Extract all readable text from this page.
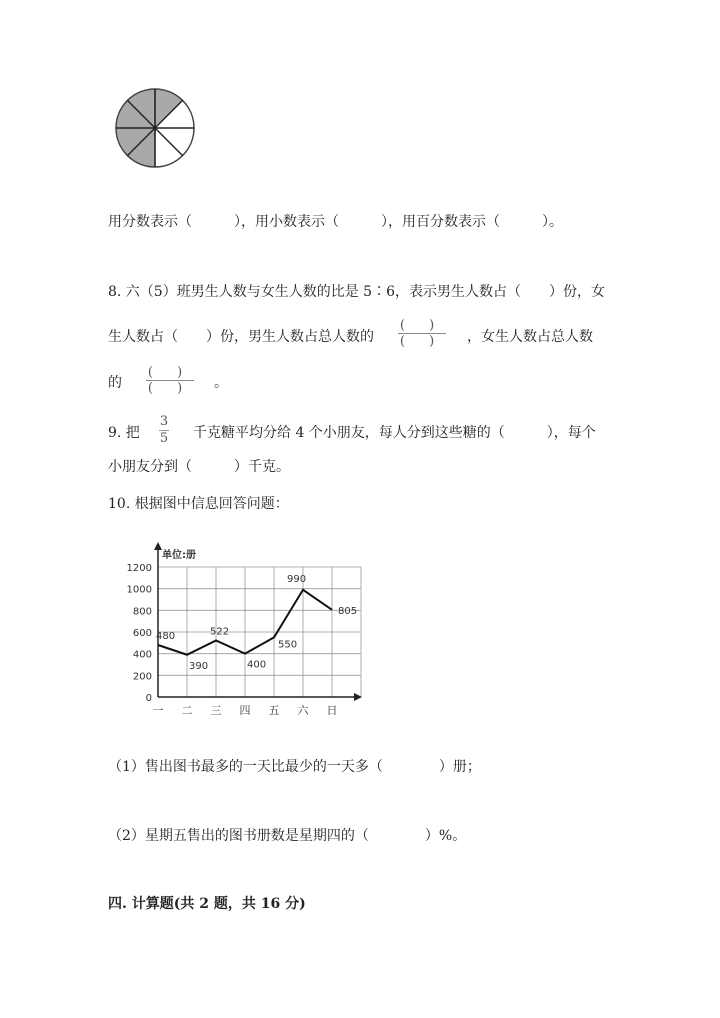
用分数表示（　　　），用小数表示（　　　），用百分数表示（　　　）。
8. 六（5）班男生人数与女生人数的比是 5∶6，表示男生人数占（　　）份，女
生人数占（　　）份，男生人数占总人数的
( )
( ) ，女生人数占总人数
的
( )
( ) 。
9. 把
3
5 千克糖平均分给 4 个小朋友，每人分到这些糖的（　　　），每个
小朋友分到（　　　）千克。
10. 根据图中信息回答问题：
单位:册
0
200
400
600
800
1000
1200
一 二 三 四 五 六 日
480
390
522
400
550
990
805
（1）售出图书最多的一天比最少的一天多（　　　　）册；
（2）星期五售出的图书册数是星期四的（　　　　）%。
四. 计算题(共 2 题，共 16 分)
